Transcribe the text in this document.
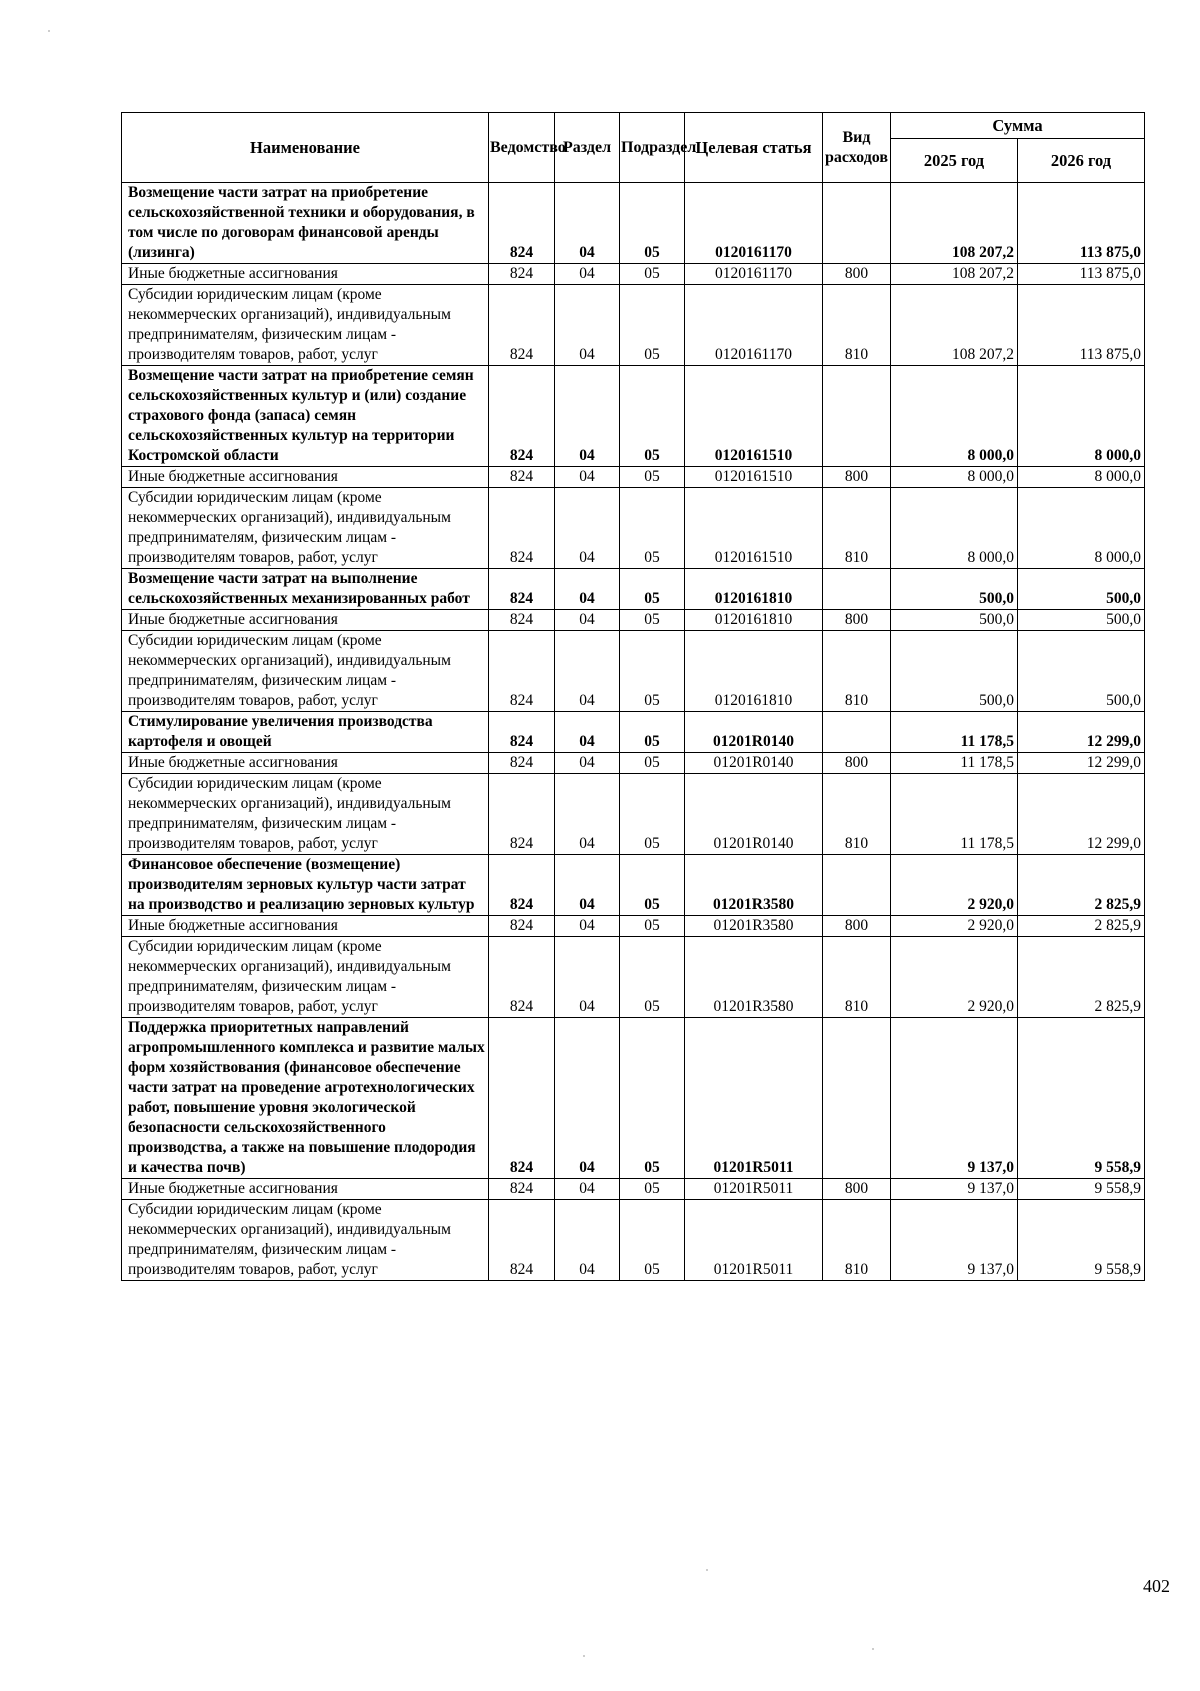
Наименование	Ведомство	Раздел	Подраздел	Целевая статья	Вид расходов	Сумма	
						2025 год	2026 год
Возмещение части затрат на приобретение сельскохозяйственной техники и оборудования, в том числе по договорам финансовой аренды (лизинга)	824	04	05	0120161170		108 207,2	113 875,0
Иные бюджетные ассигнования	824	04	05	0120161170	800	108 207,2	113 875,0
Субсидии юридическим лицам (кроме некоммерческих организаций), индивидуальным предпринимателям, физическим лицам - производителям товаров, работ, услуг	824	04	05	0120161170	810	108 207,2	113 875,0
Возмещение части затрат на приобретение семян сельскохозяйственных культур и (или) создание страхового фонда (запаса) семян сельскохозяйственных культур на территории Костромской области	824	04	05	0120161510		8 000,0	8 000,0
Иные бюджетные ассигнования	824	04	05	0120161510	800	8 000,0	8 000,0
Субсидии юридическим лицам (кроме некоммерческих организаций), индивидуальным предпринимателям, физическим лицам - производителям товаров, работ, услуг	824	04	05	0120161510	810	8 000,0	8 000,0
Возмещение части затрат на выполнение сельскохозяйственных механизированных работ	824	04	05	0120161810		500,0	500,0
Иные бюджетные ассигнования	824	04	05	0120161810	800	500,0	500,0
Субсидии юридическим лицам (кроме некоммерческих организаций), индивидуальным предпринимателям, физическим лицам - производителям товаров, работ, услуг	824	04	05	0120161810	810	500,0	500,0
Стимулирование увеличения производства картофеля и овощей	824	04	05	01201R0140		11 178,5	12 299,0
Иные бюджетные ассигнования	824	04	05	01201R0140	800	11 178,5	12 299,0
Субсидии юридическим лицам (кроме некоммерческих организаций), индивидуальным предпринимателям, физическим лицам - производителям товаров, работ, услуг	824	04	05	01201R0140	810	11 178,5	12 299,0
Финансовое обеспечение (возмещение) производителям зерновых культур части затрат на производство и реализацию зерновых культур	824	04	05	01201R3580		2 920,0	2 825,9
Иные бюджетные ассигнования	824	04	05	01201R3580	800	2 920,0	2 825,9
Субсидии юридическим лицам (кроме некоммерческих организаций), индивидуальным предпринимателям, физическим лицам - производителям товаров, работ, услуг	824	04	05	01201R3580	810	2 920,0	2 825,9
Поддержка приоритетных направлений агропромышленного комплекса и развитие малых форм хозяйствования (финансовое обеспечение части затрат на проведение агротехнологических работ, повышение уровня экологической безопасности сельскохозяйственного производства, а также на повышение плодородия и качества почв)	824	04	05	01201R5011		9 137,0	9 558,9
Иные бюджетные ассигнования	824	04	05	01201R5011	800	9 137,0	9 558,9
Субсидии юридическим лицам (кроме некоммерческих организаций), индивидуальным предпринимателям, физическим лицам - производителям товаров, работ, услуг	824	04	05	01201R5011	810	9 137,0	9 558,9
402
